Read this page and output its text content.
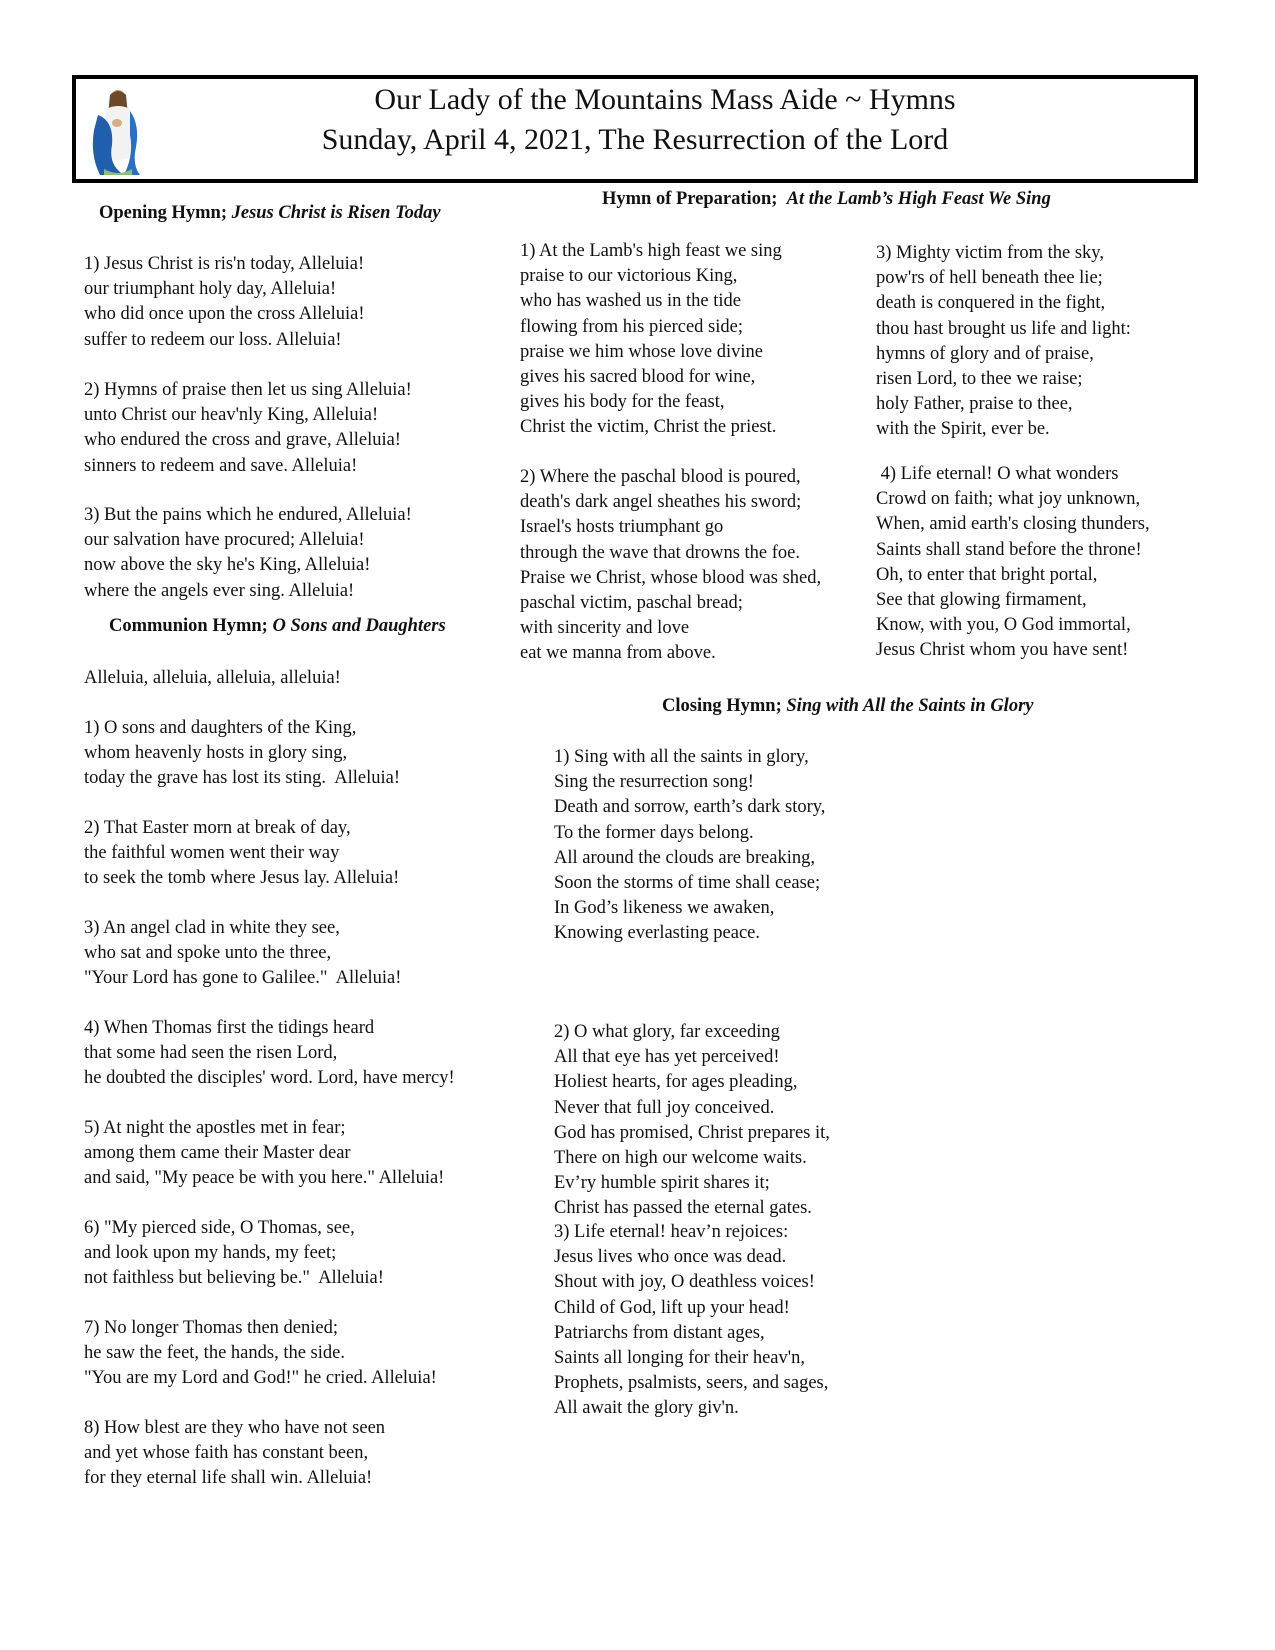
Our Lady of the Mountains Mass Aide ~ Hymns
Sunday, April 4, 2021, The Resurrection of the Lord
Opening Hymn; Jesus Christ is Risen Today
1) Jesus Christ is ris'n today, Alleluia!
our triumphant holy day, Alleluia!
who did once upon the cross Alleluia!
suffer to redeem our loss. Alleluia!
2) Hymns of praise then let us sing Alleluia!
unto Christ our heav'nly King, Alleluia!
who endured the cross and grave, Alleluia!
sinners to redeem and save. Alleluia!
3) But the pains which he endured, Alleluia!
our salvation have procured; Alleluia!
now above the sky he's King, Alleluia!
where the angels ever sing. Alleluia!
Communion Hymn; O Sons and Daughters
Alleluia, alleluia, alleluia, alleluia!
1) O sons and daughters of the King,
whom heavenly hosts in glory sing,
today the grave has lost its sting.  Alleluia!
2) That Easter morn at break of day,
the faithful women went their way
to seek the tomb where Jesus lay. Alleluia!
3) An angel clad in white they see,
who sat and spoke unto the three,
"Your Lord has gone to Galilee."  Alleluia!
4) When Thomas first the tidings heard
that some had seen the risen Lord,
he doubted the disciples' word. Lord, have mercy!
5) At night the apostles met in fear;
among them came their Master dear
and said, "My peace be with you here." Alleluia!
6) "My pierced side, O Thomas, see,
and look upon my hands, my feet;
not faithless but believing be."  Alleluia!
7) No longer Thomas then denied;
he saw the feet, the hands, the side.
"You are my Lord and God!" he cried. Alleluia!
8) How blest are they who have not seen
and yet whose faith has constant been,
for they eternal life shall win. Alleluia!
Hymn of Preparation; At the Lamb’s High Feast We Sing
1) At the Lamb's high feast we sing
praise to our victorious King,
who has washed us in the tide
flowing from his pierced side;
praise we him whose love divine
gives his sacred blood for wine,
gives his body for the feast,
Christ the victim, Christ the priest.
2) Where the paschal blood is poured,
death's dark angel sheathes his sword;
Israel's hosts triumphant go
through the wave that drowns the foe.
Praise we Christ, whose blood was shed,
paschal victim, paschal bread;
with sincerity and love
eat we manna from above.
3) Mighty victim from the sky,
pow'rs of hell beneath thee lie;
death is conquered in the fight,
thou hast brought us life and light:
hymns of glory and of praise,
risen Lord, to thee we raise;
holy Father, praise to thee,
with the Spirit, ever be.
4) Life eternal! O what wonders
Crowd on faith; what joy unknown,
When, amid earth's closing thunders,
Saints shall stand before the throne!
Oh, to enter that bright portal,
See that glowing firmament,
Know, with you, O God immortal,
Jesus Christ whom you have sent!
Closing Hymn; Sing with All the Saints in Glory
1) Sing with all the saints in glory,
Sing the resurrection song!
Death and sorrow, earth’s dark story,
To the former days belong.
All around the clouds are breaking,
Soon the storms of time shall cease;
In God’s likeness we awaken,
Knowing everlasting peace.
2) O what glory, far exceeding
All that eye has yet perceived!
Holiest hearts, for ages pleading,
Never that full joy conceived.
God has promised, Christ prepares it,
There on high our welcome waits.
Ev’ry humble spirit shares it;
Christ has passed the eternal gates.
3) Life eternal! heav’n rejoices:
Jesus lives who once was dead.
Shout with joy, O deathless voices!
Child of God, lift up your head!
Patriarchs from distant ages,
Saints all longing for their heav'n,
Prophets, psalmists, seers, and sages,
All await the glory giv'n.
